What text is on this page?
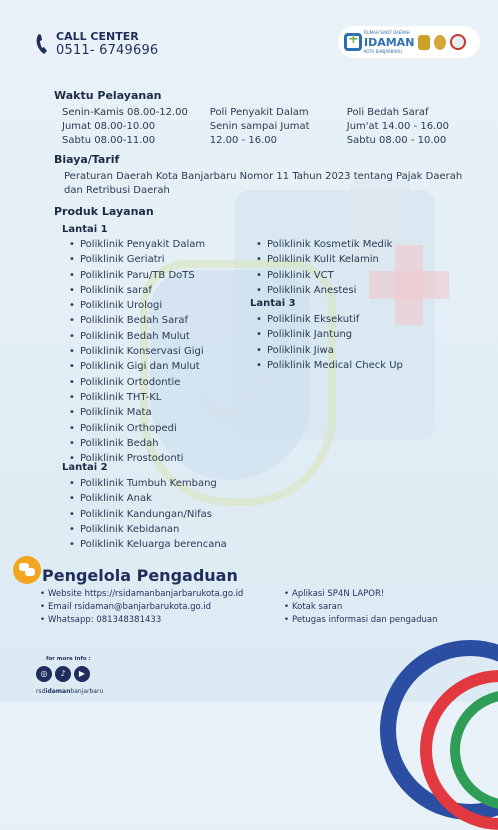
CALL CENTER
0511- 6749696
+
RUMAH SAKIT DAERAH
IDAMAN
KOTA BANJARBARU

Waktu Pelayanan

Senin-Kamis 08.00-12.00
Jumat 08.00-10.00
Sabtu 08.00-11.00
Poli Penyakit Dalam
Senin sampai Jumat
12.00 - 16.00
Poli Bedah Saraf
Jum'at 14.00 - 16.00
Sabtu 08.00 - 10.00

Biaya/Tarif

Peraturan Daerah Kota Banjarbaru Nomor 11 Tahun 2023 tentang Pajak Daerah dan Retribusi Daerah

Produk Layanan

Lantai 1
• Poliklinik Penyakit Dalam
• Poliklinik Geriatri
• Poliklinik Paru/TB DoTS
• Poliklinik saraf
• Poliklinik Urologi
• Poliklinik Bedah Saraf
• Poliklinik Bedah Mulut
• Poliklinik Konservasi Gigi
• Poliklinik Gigi dan Mulut
• Poliklinik Ortodontie
• Poliklinik THT-KL
• Poliklinik Mata
• Poliklinik Orthopedi
• Poliklinik Bedah
• Poliklinik Prostodonti
• Poliklinik Kosmetik Medik
• Poliklinik Kulit Kelamin
• Poliklinik VCT
• Poliklinik Anestesi
Lantai 3
• Poliklinik Eksekutif
• Poliklinik Jantung
• Poliklinik Jiwa
• Poliklinik Medical Check Up
Lantai 2
• Poliklinik Tumbuh Kembang
• Poliklinik Anak
• Poliklinik Kandungan/Nifas
• Poliklinik Kebidanan
• Poliklinik Keluarga berencana
Pengelola Pengaduan
• Website https://rsidamanbanjarbarukota.go.id
• Email rsidaman@banjarbarukota.go.id
• Whatsapp: 081348381433
• Aplikasi SP4N LAPOR!
• Kotak saran
• Petugas informasi dan pengaduan
for more info :
◎	♪	▶
rsdidamanbanjarbaru
